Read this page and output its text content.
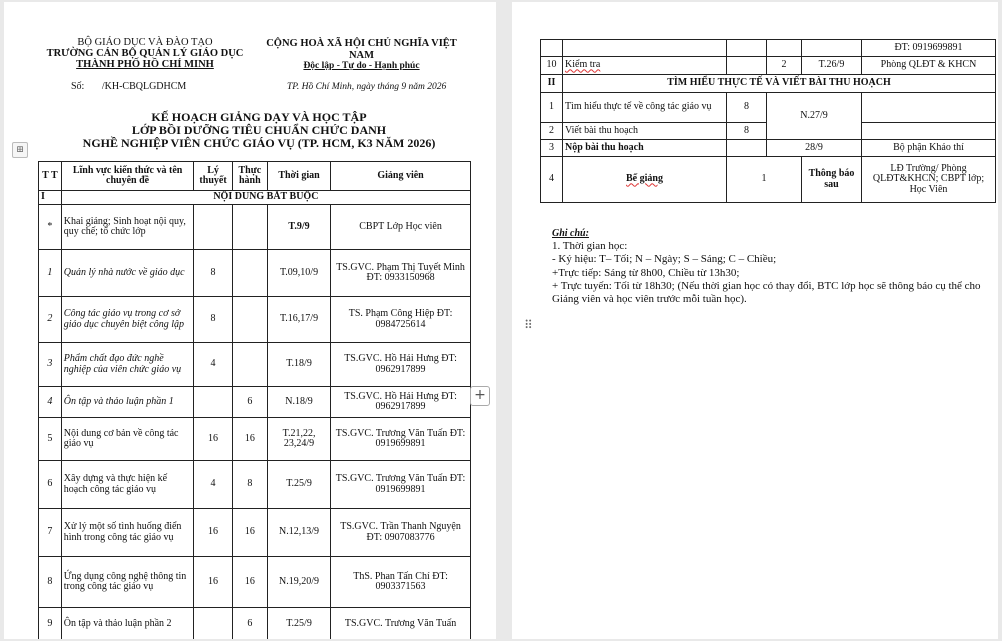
BỘ GIÁO DỤC VÀ ĐÀO TẠO
TRƯỜNG CÁN BỘ QUẢN LÝ GIÁO DỤC
THÀNH PHỐ HỒ CHÍ MINH
Số: /KH-CBQLGDHCM
CỘNG HOÀ XÃ HỘI CHỦ NGHĨA VIỆT NAM
Độc lập - Tự do - Hạnh phúc
TP. Hồ Chí Minh, ngày tháng 9 năm 2026
KẾ HOẠCH GIẢNG DẠY VÀ HỌC TẬP
LỚP BỒI DƯỠNG TIÊU CHUẨN CHỨC DANH
NGHỀ NGHIỆP VIÊN CHỨC GIÁO VỤ (TP. HCM, K3 NĂM 2026)
T T	Lĩnh vực kiến thức và tên chuyên đề	Lý thuyết	Thực hành	Thời gian	Giảng viên
I	NỘI DUNG BẮT BUỘC				
*	Khai giảng; Sinh hoạt nội quy, quy chế; tổ chức lớp			T.9/9	CBPT Lớp Học viên
1	Quản lý nhà nước về giáo dục	8		T.09,10/9	TS.GVC. Phạm Thị Tuyết Minh ĐT: 0933150968
2	Công tác giáo vụ trong cơ sở giáo dục chuyên biệt công lập	8		T.16,17/9	TS. Phạm Công Hiệp ĐT: 0984725614
3	Phẩm chất đạo đức nghề nghiệp của viên chức giáo vụ	4		T.18/9	TS.GVC. Hồ Hải Hưng ĐT: 0962917899
4	Ôn tập và thảo luận phần 1		6	N.18/9	TS.GVC. Hồ Hải Hưng ĐT: 0962917899
5	Nội dung cơ bản về công tác giáo vụ	16	16	T.21,22, 23,24/9	TS.GVC. Trương Văn Tuấn ĐT: 0919699891
6	Xây dựng và thực hiện kế hoạch công tác giáo vụ	4	8	T.25/9	TS.GVC. Trương Văn Tuấn ĐT: 0919699891
7	Xử lý một số tình huống điển hình trong công tác giáo vụ	16	16	N.12,13/9	TS.GVC. Trần Thanh Nguyện ĐT: 0907083776
8	Ứng dụng công nghệ thông tin trong công tác giáo vụ	16	16	N.19,20/9	ThS. Phan Tấn Chí ĐT: 0903371563
9	Ôn tập và thảo luận phần 2		6	T.25/9	TS.GVC. Trương Văn Tuấn
⊞
+
					ĐT: 0919699891
10	Kiểm tra		2	T.26/9	Phòng QLĐT & KHCN
II	TÌM HIỂU THỰC TẾ VÀ VIẾT BÀI THU HOẠCH				
1	Tìm hiểu thực tế về công tác giáo vụ	8	N.27/9		
2	Viết bài thu hoạch	8			
3	Nộp bài thu hoạch		28/9		Bộ phận Khảo thí
4	Bế giảng	1		Thông báo sau	LĐ Trường/ Phòng QLĐT&KHCN; CBPT lớp; Học Viên
Ghi chú:
1. Thời gian học:
- Ký hiệu: T– Tối; N – Ngày; S – Sáng; C – Chiều;
+Trực tiếp: Sáng từ 8h00, Chiều từ 13h30;
+ Trực tuyến: Tối từ 18h30; (Nếu thời gian học có thay đổi, BTC lớp học sẽ thông báo cụ thể cho Giảng viên và học viên trước mỗi tuần học).
⠿
